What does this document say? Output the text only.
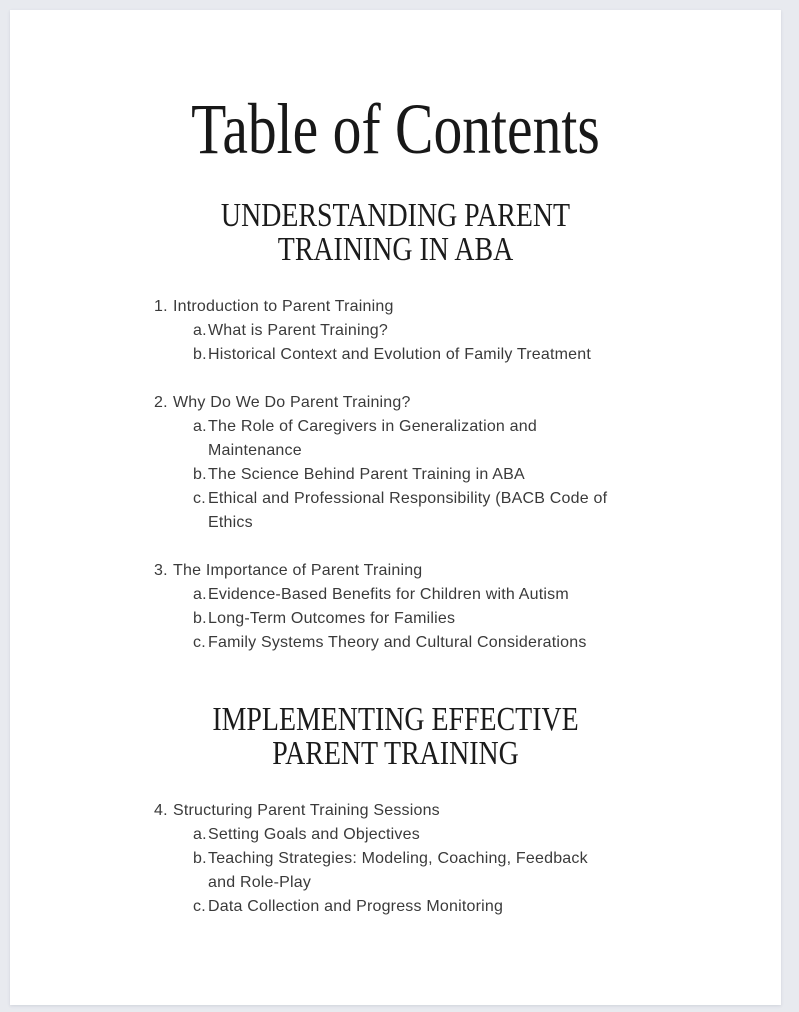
Table of Contents
UNDERSTANDING PARENT
TRAINING IN ABA
1. Introduction to Parent Training
a. What is Parent Training?
b. Historical Context and Evolution of Family Treatment
2. Why Do We Do Parent Training?
a. The Role of Caregivers in Generalization and
Maintenance
b. The Science Behind Parent Training in ABA
c. Ethical and Professional Responsibility (BACB Code of
Ethics
3. The Importance of Parent Training
a. Evidence-Based Benefits for Children with Autism
b. Long-Term Outcomes for Families
c. Family Systems Theory and Cultural Considerations
IMPLEMENTING EFFECTIVE
PARENT TRAINING
4. Structuring Parent Training Sessions
a. Setting Goals and Objectives
b. Teaching Strategies: Modeling, Coaching, Feedback
and Role-Play
c. Data Collection and Progress Monitoring
